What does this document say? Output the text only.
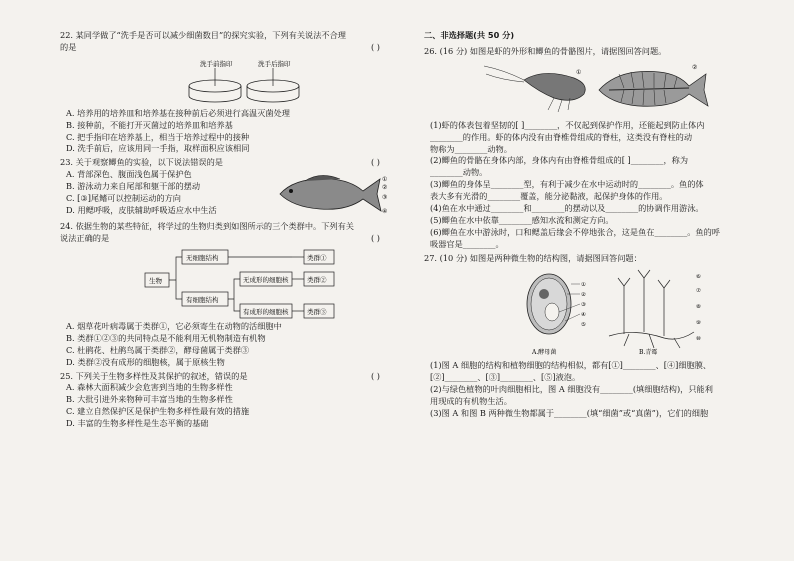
22. 某同学做了“洗手是否可以减少细菌数目”的探究实验，下列有关说法不合理
的是	( )
洗手前指印	洗手后指印
A. 培养用的培养皿和培养基在接种前后必须进行高温灭菌处理
B. 接种前，不能打开灭菌过的培养皿和培养基
C. 把手指印在培养基上，相当于培养过程中的接种
D. 洗手前后，应该用同一手指，取样面积应该相同
23. 关于观察鲫鱼的实验，以下说法错误的是	( )
A. 背部深色、腹面浅色属于保护色
B. 游泳动力来自尾部和躯干部的摆动
C. [③]尾鳍可以控制运动的方向
D. 用鳃呼吸，皮肤辅助呼吸适应水中生活
①
②
③
④
24. 依据生物的某些特征，将学过的生物归类到如图所示的三个类群中。下列有关
说法正确的是	( )
生物
无细胞结构
有细胞结构
无成形的细胞核
有成形的细胞核
类群①
类群②
类群③
A. 烟草花叶病毒属于类群①，它必须寄生在动物的活细胞中
B. 类群①②③的共同特点是不能利用无机物制造有机物
C. 杜鹃花、杜鹃鸟属于类群②，酵母菌属于类群③
D. 类群②没有成形的细胞核，属于原核生物
25. 下列关于生物多样性及其保护的叙述，错误的是	( )
A. 森林大面积减少会危害到当地的生物多样性
B. 大批引进外来物种可丰富当地的生物多样性
C. 建立自然保护区是保护生物多样性最有效的措施
D. 丰富的生物多样性是生态平衡的基础
二、非选择题(共 50 分)
26. (16 分) 如图是虾的外形和鲫鱼的骨骼图片，请据图回答问题。
①
②
(1)虾的体表包着坚韧的[ ]________，不仅起到保护作用，还能起到防止体内
________的作用。虾的体内没有由脊椎骨组成的脊柱，这类没有脊柱的动
物称为________动物。
(2)鲫鱼的骨骼在身体内部，身体内有由脊椎骨组成的[ ]________，称为
________动物。
(3)鲫鱼的身体呈________型，有利于减少在水中运动时的________。鱼的体
表大多有光滑的________覆盖，能分泌黏液，起保护身体的作用。
(4)鱼在水中通过________和________的摆动以及________的协调作用游泳。
(5)鲫鱼在水中依靠________感知水流和测定方向。
(6)鲫鱼在水中游泳时，口和鳃盖后缘会不停地张合，这是鱼在________。鱼的呼
吸器官是________。
27. (10 分) 如图是两种微生物的结构图，请据图回答问题：
①
②
③
④
⑤
A.酵母菌
⑥
⑦
⑧
⑨
⑩
B.青霉
(1)图 A 细胞的结构和植物细胞的结构相似，都有[①]________、[④]细胞膜、
[②]________、[③]________、[⑤]液泡。
(2)与绿色植物的叶肉细胞相比，图 A 细胞没有________(填细胞结构)，只能利
用现成的有机物生活。
(3)图 A 和图 B 两种微生物都属于________(填“细菌”或“真菌”)，它们的细胞
